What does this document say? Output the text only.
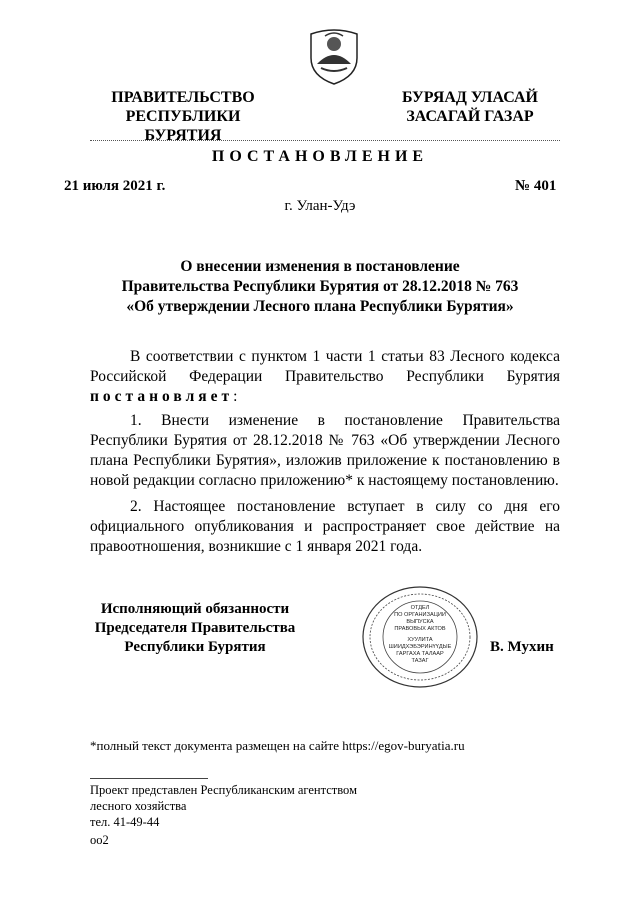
ПРАВИТЕЛЬСТВО
РЕСПУБЛИКИ БУРЯТИЯ
БУРЯАД УЛАСАЙ
ЗАСАГАЙ ГАЗАР
ПОСТАНОВЛЕНИЕ
21 июля 2021 г.	№ 401
г. Улан-Удэ
О внесении изменения в постановление
Правительства Республики Бурятия от 28.12.2018 № 763
«Об утверждении Лесного плана Республики Бурятия»
В соответствии с пунктом 1 части 1 статьи 83 Лесного кодекса Российской Федерации Правительство Республики Бурятия постановляет:
1. Внести изменение в постановление Правительства Республики Бурятия от 28.12.2018 № 763 «Об утверждении Лесного плана Республики Бурятия», изложив приложение к постановлению в новой редакции согласно приложению* к настоящему постановлению.
2. Настоящее постановление вступает в силу со дня его официального опубликования и распространяет свое действие на правоотношения, возникшие с 1 января 2021 года.
Исполняющий обязанности
Председателя Правительства
Республики Бурятия
ОТДЕЛ
ПО ОРГАНИЗАЦИИ
ВЫПУСКА
ПРАВОВЫХ АКТОВ
ХУУЛИТА
ШИИДХЭБЭРИНҮҮДЫЕ
ГАРГАХА ТАЛААР
ТАЗАГ
В. Мухин
*полный текст документа размещен на сайте https://egov-buryatia.ru
Проект представлен Республиканским агентством
лесного хозяйства
тел. 41-49-44
оо2
